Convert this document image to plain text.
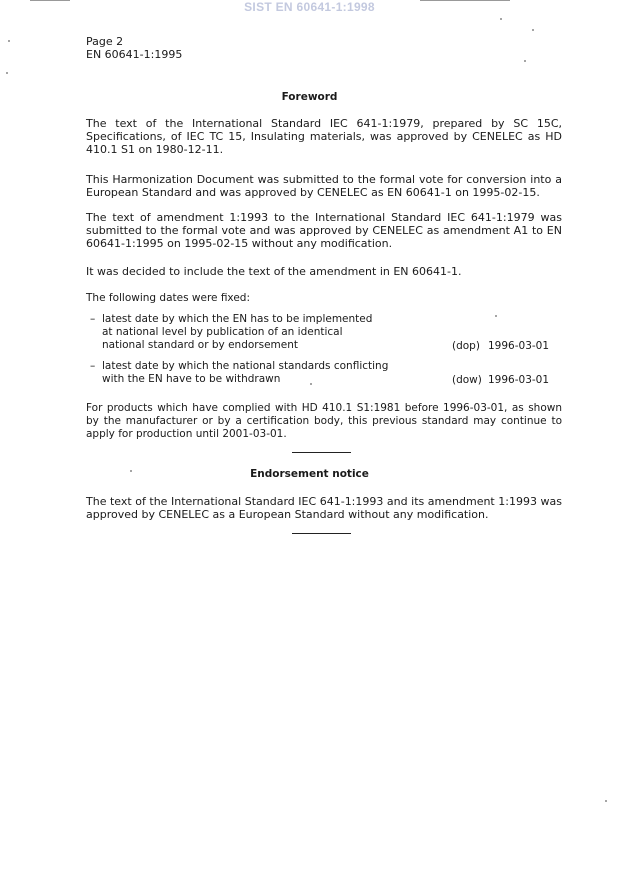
SIST EN 60641-1:1998
Page 2
EN 60641-1:1995
Foreword
The text of the International Standard IEC 641-1:1979, prepared by SC 15C, Specifications, of IEC TC 15, Insulating materials, was approved by CENELEC as HD 410.1 S1 on 1980-12-11.
This Harmonization Document was submitted to the formal vote for conversion into a European Standard and was approved by CENELEC as EN 60641-1 on 1995-02-15.
The text of amendment 1:1993 to the International Standard IEC 641-1:1979 was submitted to the formal vote and was approved by CENELEC as amendment A1 to EN 60641-1:1995 on 1995-02-15 without any modification.
It was decided to include the text of the amendment in EN 60641-1.
The following dates were fixed:
– latest date by which the EN has to be implemented
at national level by publication of an identical
national standard or by endorsement	(dop) 1996-03-01
– latest date by which the national standards conflicting
with the EN have to be withdrawn	(dow) 1996-03-01
For products which have complied with HD 410.1 S1:1981 before 1996-03-01, as shown by the manufacturer or by a certification body, this previous standard may continue to apply for production until 2001-03-01.
Endorsement notice
The text of the International Standard IEC 641-1:1993 and its amendment 1:1993 was approved by CENELEC as a European Standard without any modification.
